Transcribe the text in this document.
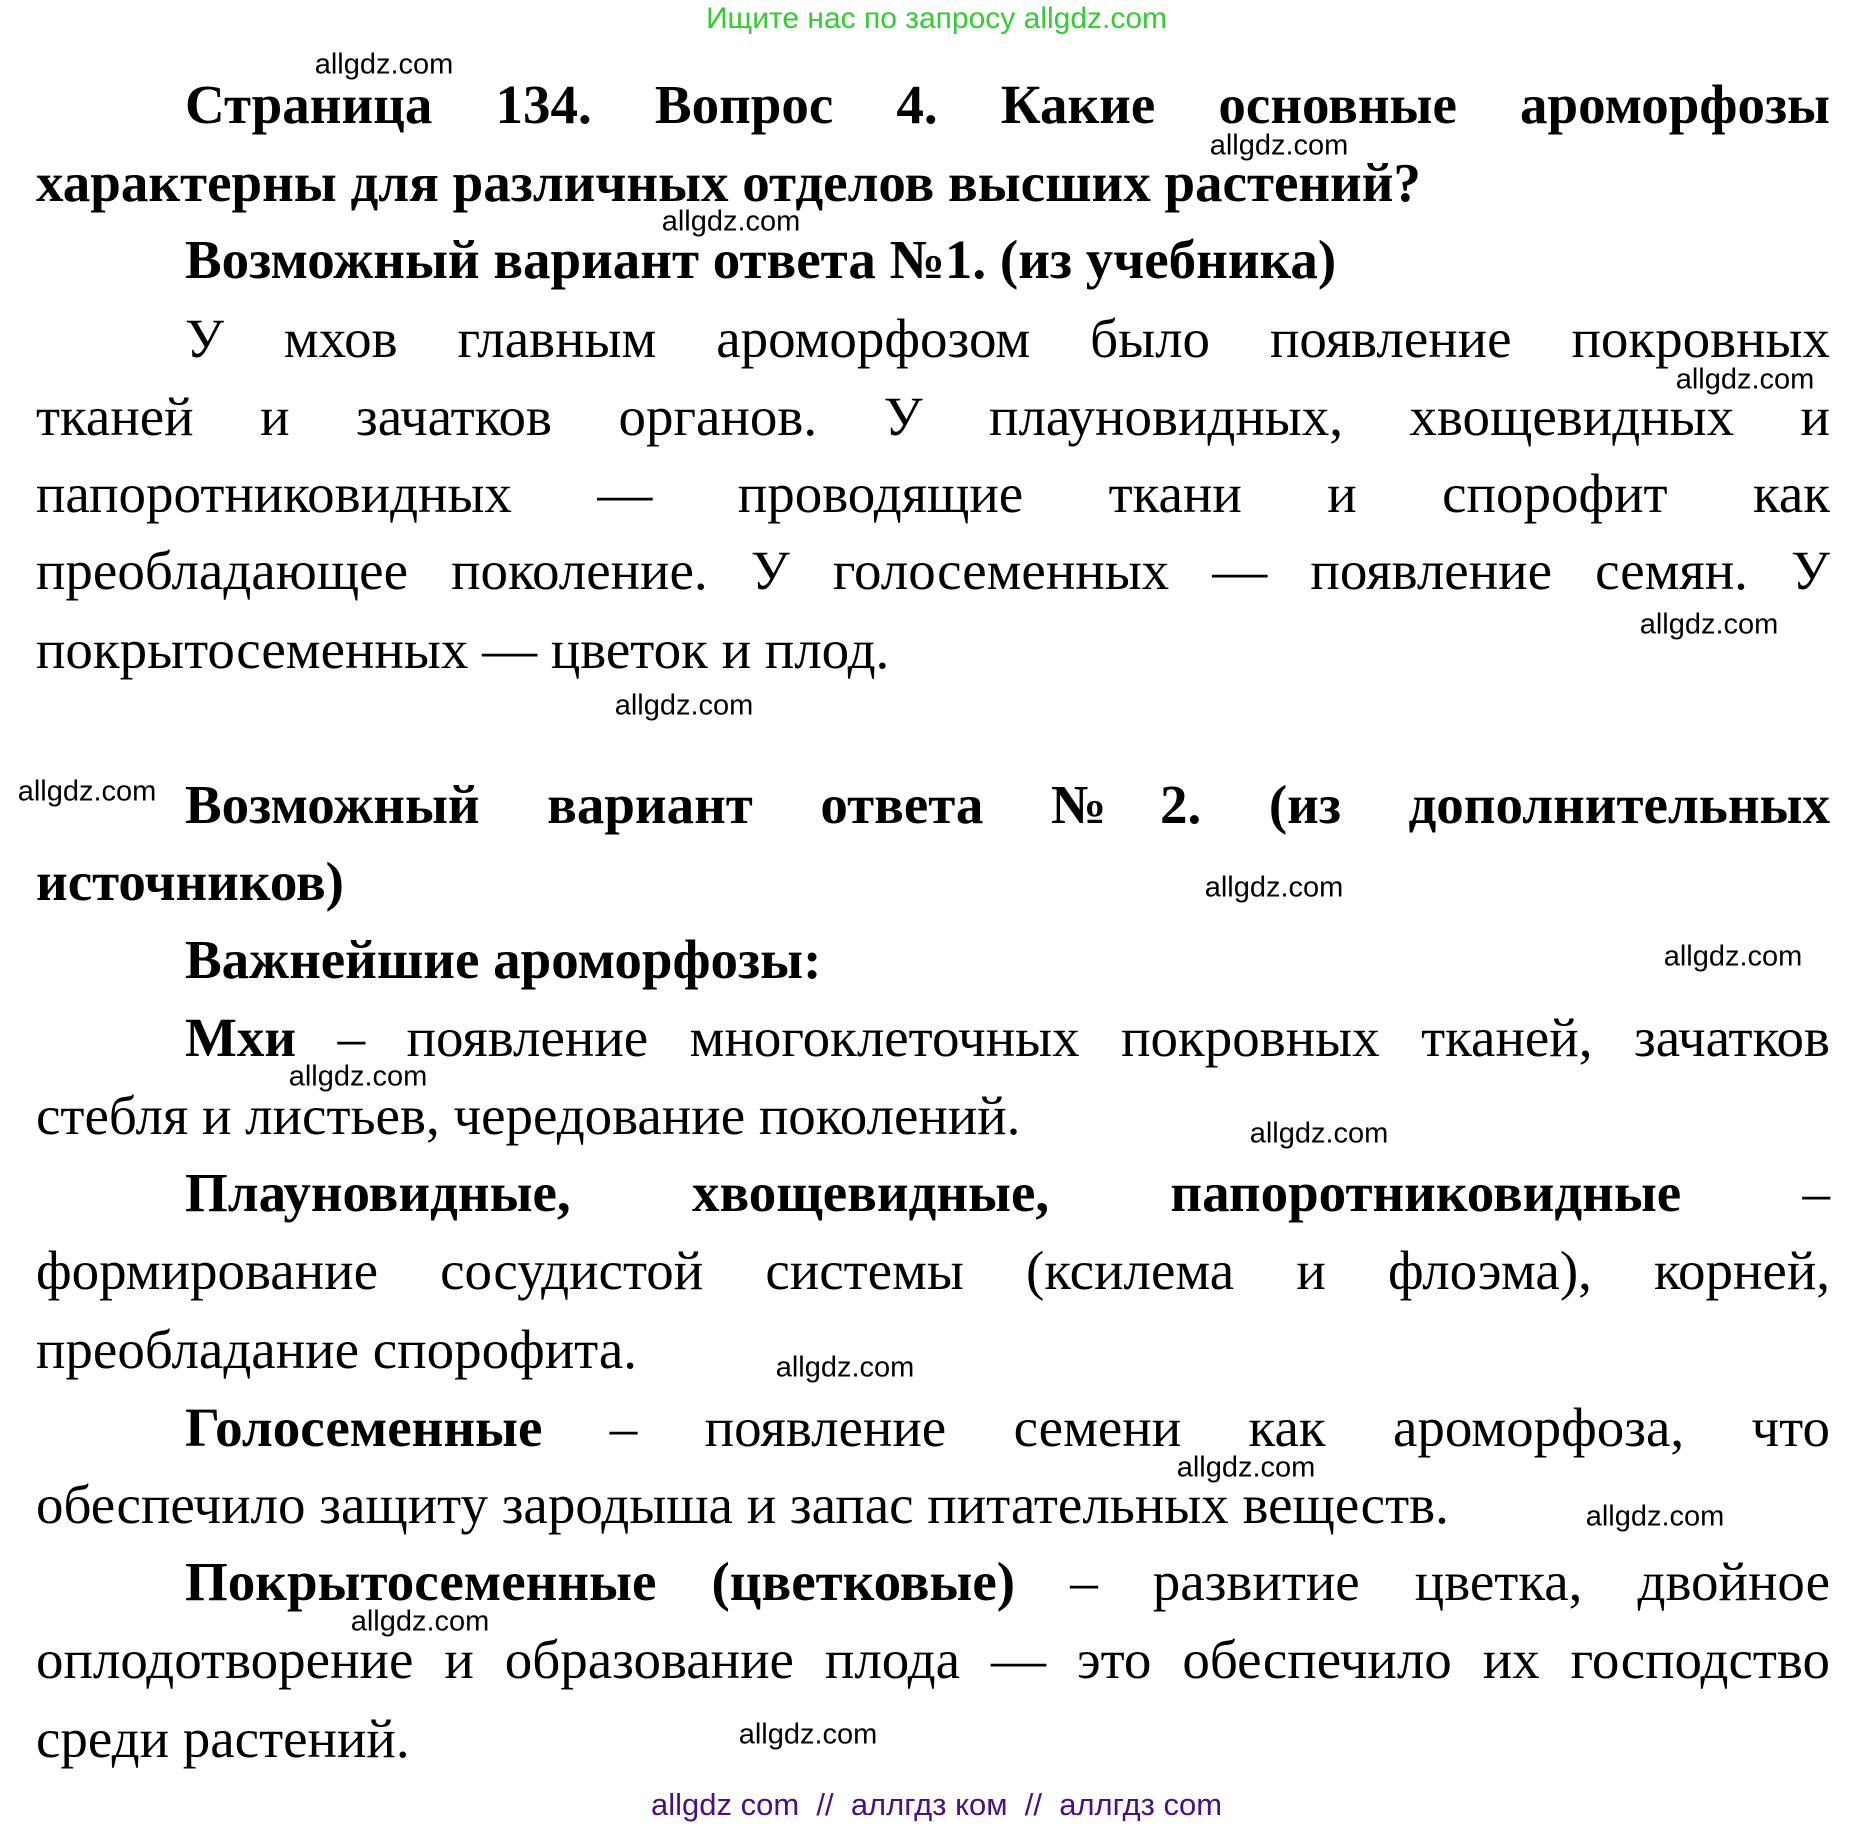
Ищите нас по запросу allgdz.com
Страница 134. Вопрос 4. Какие основные ароморфозы
характерны для различных отделов высших растений?
Возможный вариант ответа №1. (из учебника)
У мхов главным ароморфозом было появление покровных
тканей и зачатков органов. У плауновидных, хвощевидных и
папоротниковидных — проводящие ткани и спорофит как
преобладающее поколение. У голосеменных — появление семян. У
покрытосеменных — цветок и плод.
Возможный вариант ответа №2. (из дополнительных
источников)
Важнейшие ароморфозы:
Мхи – появление многоклеточных покровных тканей, зачатков
стебля и листьев, чередование поколений.
Плауновидные, хвощевидные, папоротниковидные –
формирование сосудистой системы (ксилема и флоэма), корней,
преобладание спорофита.
Голосеменные – появление семени как ароморфоза, что
обеспечило защиту зародыша и запас питательных веществ.
Покрытосеменные (цветковые) – развитие цветка, двойное
оплодотворение и образование плода — это обеспечило их господство
среди растений.
allgdz.com
allgdz.com
allgdz.com
allgdz.com
allgdz.com
allgdz.com
allgdz.com
allgdz.com
allgdz.com
allgdz.com
allgdz.com
allgdz.com
allgdz.com
allgdz.com
allgdz.com
allgdz.com
allgdz com  //  аллгдз ком  //  аллгдз com
